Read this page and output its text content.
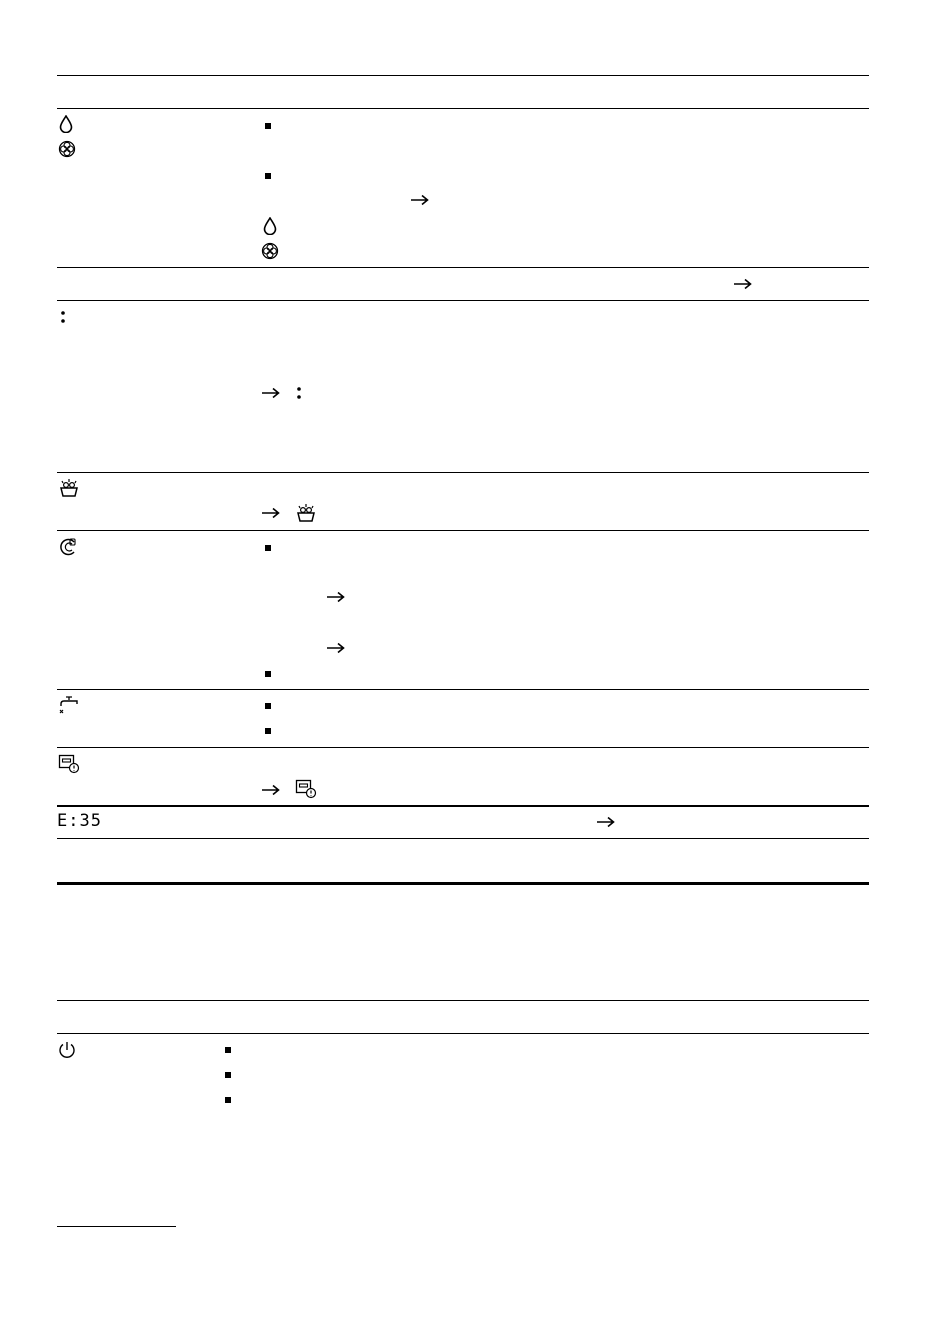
E:35
